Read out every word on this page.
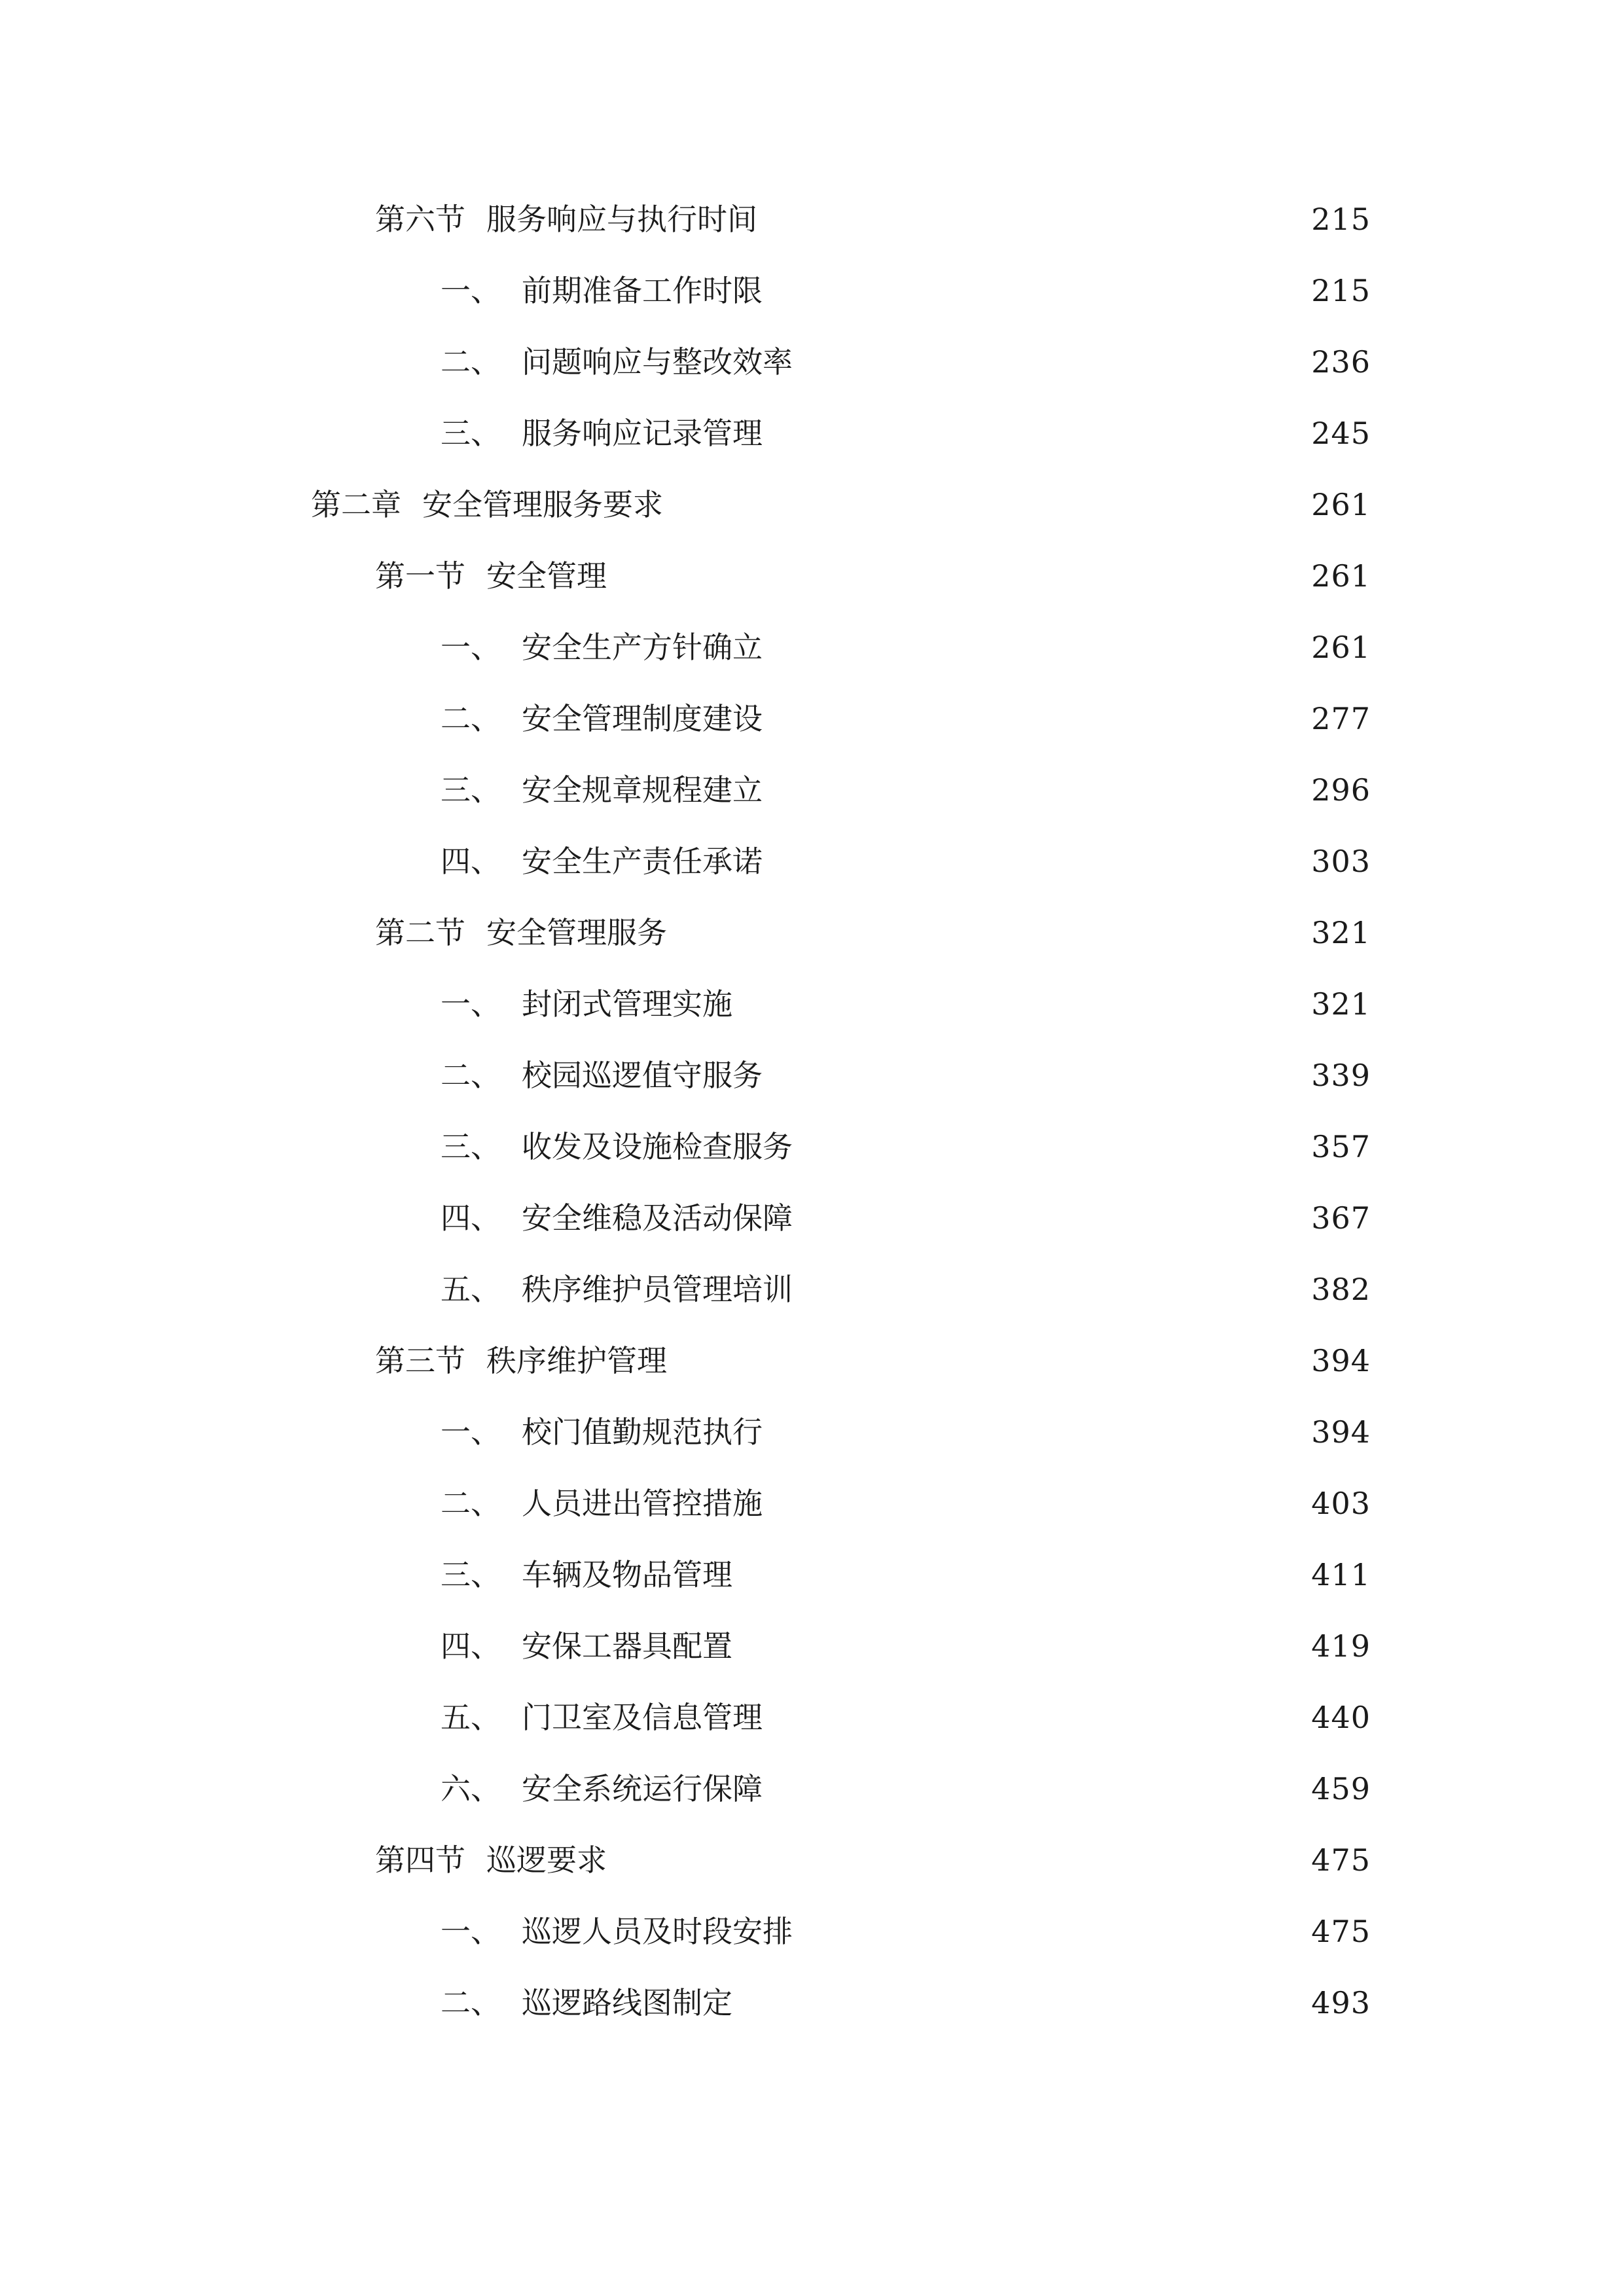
第六节 服务响应与执行时间	215
一、 前期准备工作时限	215
二、 问题响应与整改效率	236
三、 服务响应记录管理	245
第二章 安全管理服务要求	261
第一节 安全管理	261
一、 安全生产方针确立	261
二、 安全管理制度建设	277
三、 安全规章规程建立	296
四、 安全生产责任承诺	303
第二节 安全管理服务	321
一、 封闭式管理实施	321
二、 校园巡逻值守服务	339
三、 收发及设施检查服务	357
四、 安全维稳及活动保障	367
五、 秩序维护员管理培训	382
第三节 秩序维护管理	394
一、 校门值勤规范执行	394
二、 人员进出管控措施	403
三、 车辆及物品管理	411
四、 安保工器具配置	419
五、 门卫室及信息管理	440
六、 安全系统运行保障	459
第四节 巡逻要求	475
一、 巡逻人员及时段安排	475
二、 巡逻路线图制定	493
